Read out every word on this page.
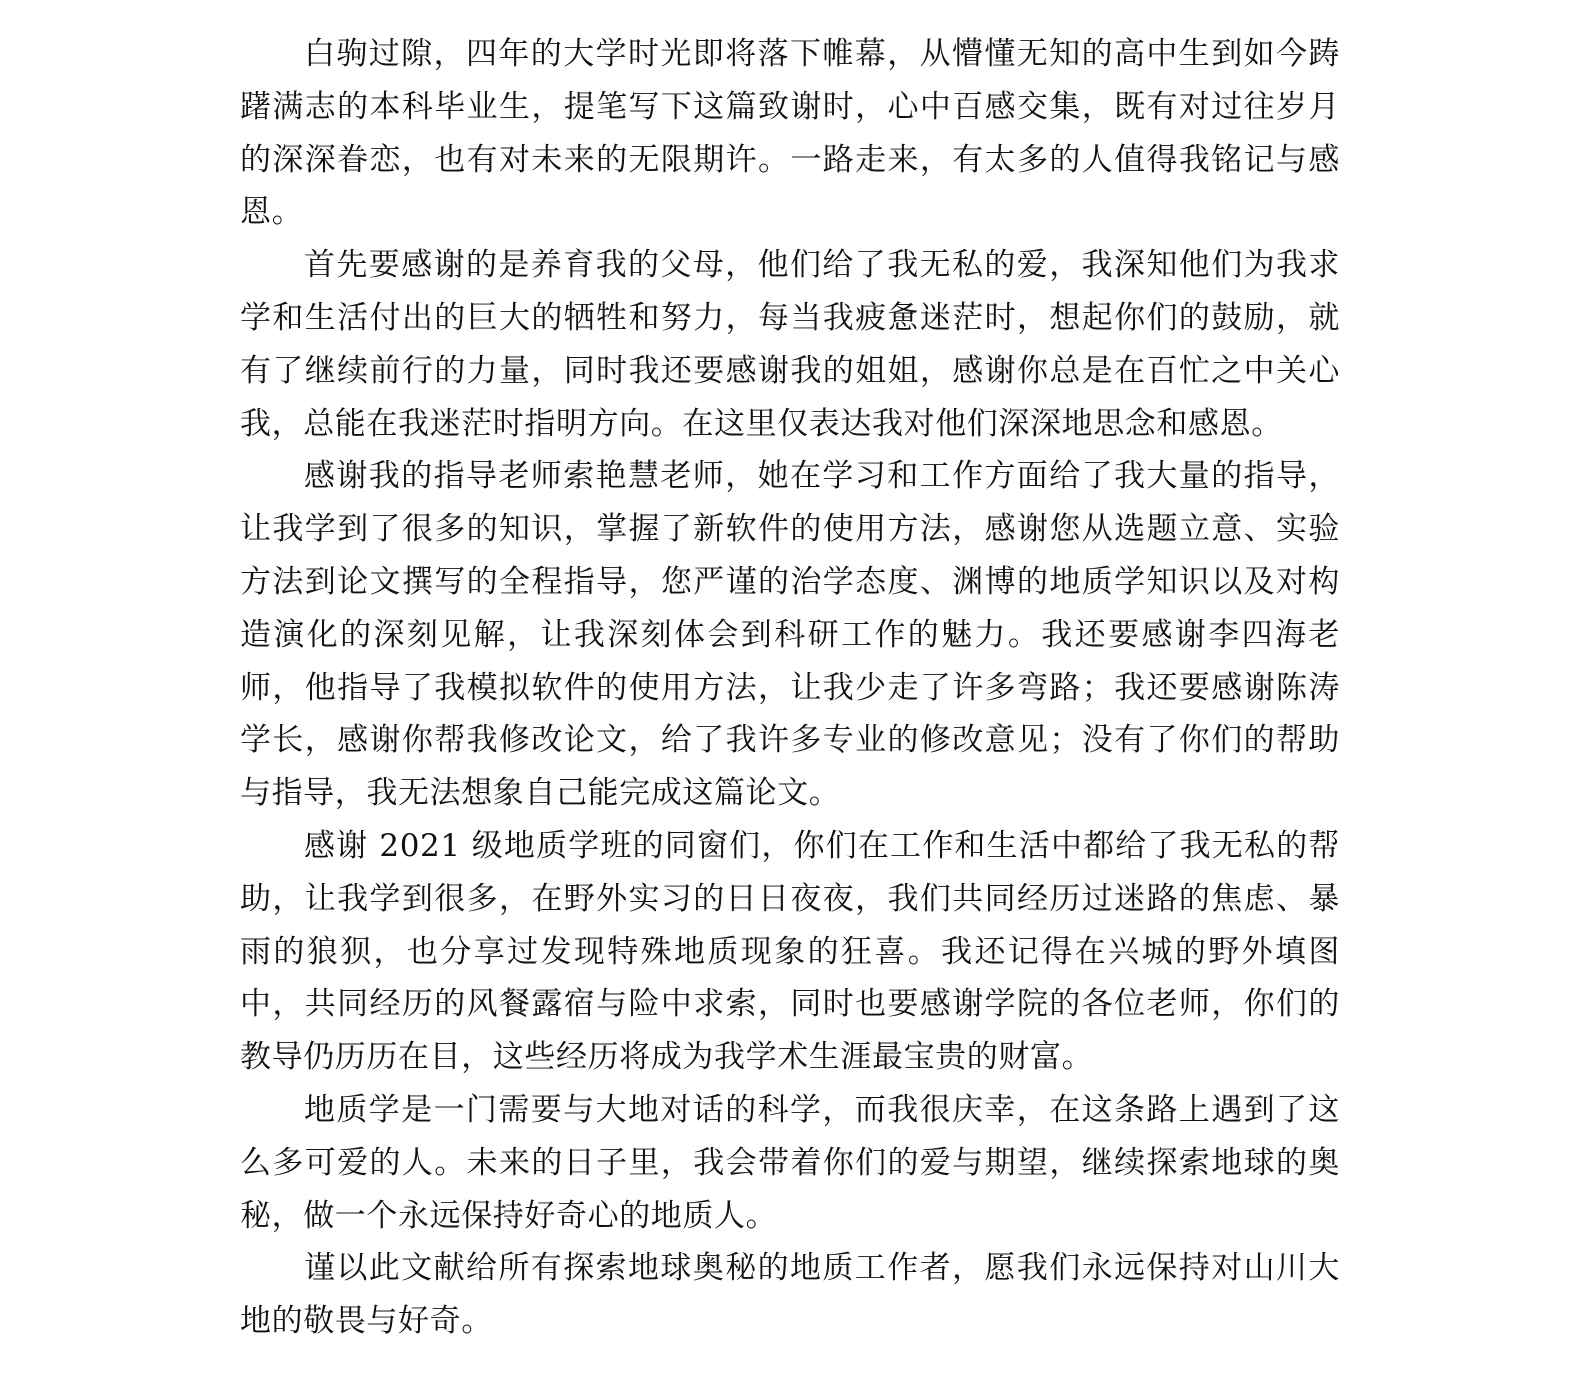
白驹过隙，四年的大学时光即将落下帷幕，从懵懂无知的高中生到如今踌躇满志的本科毕业生，提笔写下这篇致谢时，心中百感交集，既有对过往岁月的深深眷恋，也有对未来的无限期许。一路走来，有太多的人值得我铭记与感恩。

首先要感谢的是养育我的父母，他们给了我无私的爱，我深知他们为我求学和生活付出的巨大的牺牲和努力，每当我疲惫迷茫时，想起你们的鼓励，就有了继续前行的力量，同时我还要感谢我的姐姐，感谢你总是在百忙之中关心我，总能在我迷茫时指明方向。在这里仅表达我对他们深深地思念和感恩。

感谢我的指导老师索艳慧老师，她在学习和工作方面给了我大量的指导，让我学到了很多的知识，掌握了新软件的使用方法，感谢您从选题立意、实验方法到论文撰写的全程指导，您严谨的治学态度、渊博的地质学知识以及对构造演化的深刻见解，让我深刻体会到科研工作的魅力。我还要感谢李四海老师，他指导了我模拟软件的使用方法，让我少走了许多弯路；我还要感谢陈涛学长，感谢你帮我修改论文，给了我许多专业的修改意见；没有了你们的帮助与指导，我无法想象自己能完成这篇论文。

感谢 2021 级地质学班的同窗们，你们在工作和生活中都给了我无私的帮助，让我学到很多，在野外实习的日日夜夜，我们共同经历过迷路的焦虑、暴雨的狼狈，也分享过发现特殊地质现象的狂喜。我还记得在兴城的野外填图中，共同经历的风餐露宿与险中求索，同时也要感谢学院的各位老师，你们的教导仍历历在目，这些经历将成为我学术生涯最宝贵的财富。

地质学是一门需要与大地对话的科学，而我很庆幸，在这条路上遇到了这么多可爱的人。未来的日子里，我会带着你们的爱与期望，继续探索地球的奥秘，做一个永远保持好奇心的地质人。

谨以此文献给所有探索地球奥秘的地质工作者，愿我们永远保持对山川大地的敬畏与好奇。
